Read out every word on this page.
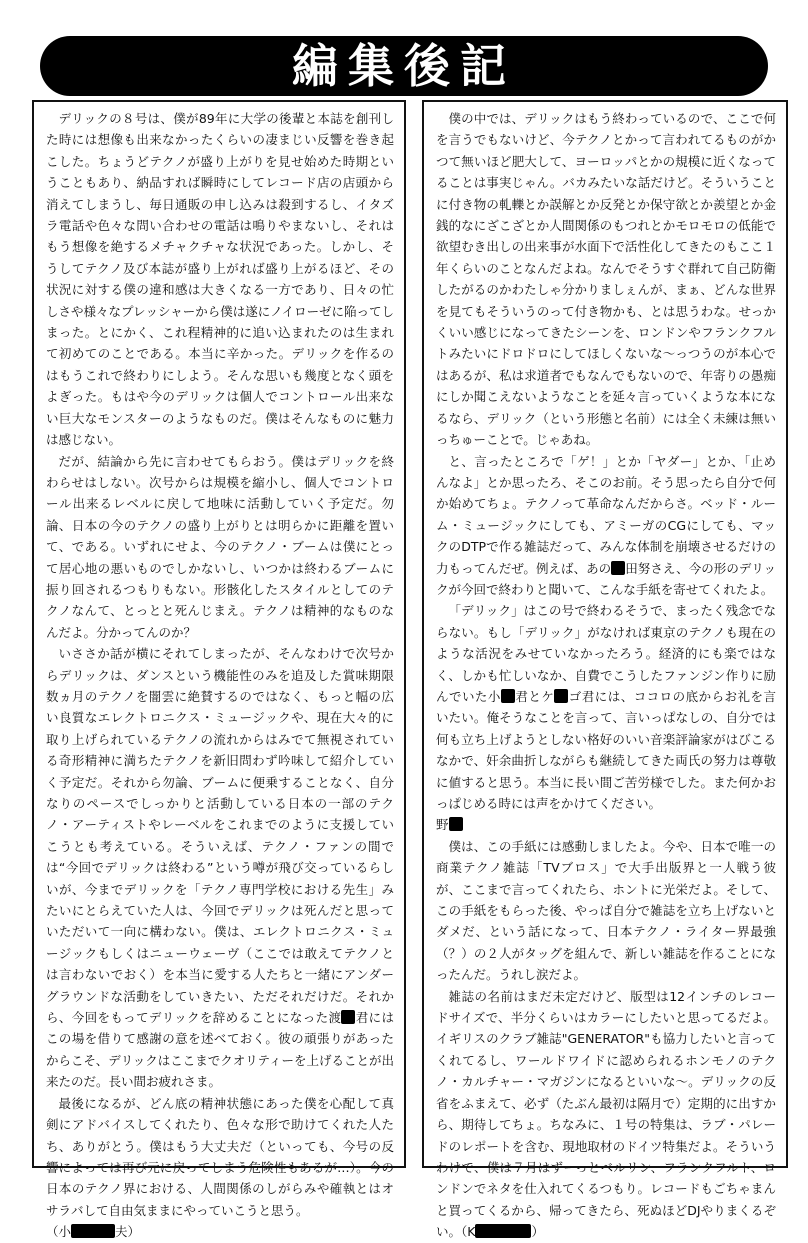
編集後記

デリックの８号は、僕が89年に大学の後輩と本誌を創刊した時には想像も出来なかったくらいの凄まじい反響を巻き起こした。ちょうどテクノが盛り上がりを見せ始めた時期ということもあり、納品すれば瞬時にしてレコード店の店頭から消えてしまうし、毎日通販の申し込みは殺到するし、イタズラ電話や色々な問い合わせの電話は鳴りやまないし、それはもう想像を絶するメチャクチャな状況であった。しかし、そうしてテクノ及び本誌が盛り上がれば盛り上がるほど、その状況に対する僕の違和感は大きくなる一方であり、日々の忙しさや様々なプレッシャーから僕は遂にノイローゼに陥ってしまった。とにかく、これ程精神的に追い込まれたのは生まれて初めてのことである。本当に辛かった。デリックを作るのはもうこれで終わりにしよう。そんな思いも幾度となく頭をよぎった。もはや今のデリックは個人でコントロール出来ない巨大なモンスターのようなものだ。僕はそんなものに魅力は感じない。

だが、結論から先に言わせてもらおう。僕はデリックを終わらせはしない。次号からは規模を縮小し、個人でコントロール出来るレベルに戻して地味に活動していく予定だ。勿論、日本の今のテクノの盛り上がりとは明らかに距離を置いて、である。いずれにせよ、今のテクノ・ブームは僕にとって居心地の悪いものでしかないし、いつかは終わるブームに振り回されるつもりもない。形骸化したスタイルとしてのテクノなんて、とっとと死んじまえ。テクノは精神的なものなんだよ。分かってんのか？

いささか話が横にそれてしまったが、そんなわけで次号からデリックは、ダンスという機能性のみを追及した賞味期限数ヵ月のテクノを闇雲に絶賛するのではなく、もっと幅の広い良質なエレクトロニクス・ミュージックや、現在大々的に取り上げられているテクノの流れからはみでて無視されている奇形精神に満ちたテクノを新旧問わず吟味して紹介していく予定だ。それから勿論、ブームに便乗することなく、自分なりのペースでしっかりと活動している日本の一部のテクノ・アーティストやレーベルをこれまでのように支援していこうとも考えている。そういえば、テクノ・ファンの間では“今回でデリックは終わる”という噂が飛び交っているらしいが、今までデリックを「テクノ専門学校における先生」みたいにとらえていた人は、今回でデリックは死んだと思っていただいて一向に構わない。僕は、エレクトロニクス・ミュージックもしくはニューウェーヴ（ここでは敢えてテクノとは言わないでおく）を本当に愛する人たちと一緒にアンダーグラウンドな活動をしていきたい、ただそれだけだ。それから、今回をもってデリックを辞めることになった渡 君にはこの場を借りて感謝の意を述べておく。彼の頑張りがあったからこそ、デリックはここまでクオリティーを上げることが出来たのだ。長い間お疲れさま。

最後になるが、どん底の精神状態にあった僕を心配して真剣にアドバイスしてくれたり、色々な形で助けてくれた人たち、ありがとう。僕はもう大丈夫だ（といっても、今号の反響によっては再び元に戻ってしまう危険性もあるが…）。今の日本のテクノ界における、人間関係のしがらみや確執とはオサラバして自由気ままにやっていこうと思う。
（小	夫）

僕の中では、デリックはもう終わっているので、ここで何を言うでもないけど、今テクノとかって言われてるものがかつて無いほど肥大して、ヨーロッパとかの規模に近くなってることは事実じゃん。バカみたいな話だけど。そういうことに付き物の軋轢とか誤解とか反発とか保守欲とか羨望とか金銭的なにざこざとか人間関係のもつれとかモロモロの低能で欲望むき出しの出来事が水面下で活性化してきたのもここ１年くらいのことなんだよね。なんでそうすぐ群れて自己防衛したがるのかわたしゃ分かりましぇんが、まぁ、どんな世界を見てもそういうのって付き物かも、とは思うわな。せっかくいい感じになってきたシーンを、ロンドンやフランクフルトみたいにドロドロにしてほしくないな〜っつうのが本心ではあるが、私は求道者でもなんでもないので、年寄りの愚痴にしか聞こえないようなことを延々言っていくような本になるなら、デリック（という形態と名前）には全く未練は無いっちゅーことで。じゃあね。

と、言ったところで「ゲ！」とか「ヤダー」とか、「止めんなよ」とか思ったろ、そこのお前。そう思ったら自分で何か始めてちょ。テクノって革命なんだからさ。ベッド・ルーム・ミュージックにしても、アミーガのCGにしても、マックのDTPで作る雑誌だって、みんな体制を崩壊させるだけの力もってんだぜ。例えば、あの 田努さえ、今の形のデリックが今回で終わりと聞いて、こんな手紙を寄せてくれたよ。

「デリック」はこの号で終わるそうで、まったく残念でならない。もし「デリック」がなければ東京のテクノも現在のような活況をみせていなかったろう。経済的にも楽ではなく、しかも忙しいなか、自費でこうしたファンジン作りに励んでいた小 君とケ ゴ君には、ココロの底からお礼を言いたい。俺そうなことを言って、言いっぱなしの、自分では何も立ち上げようとしない格好のいい音楽評論家がはびこるなかで、奸余曲折しながらも継続してきた両氏の努力は尊敬に値すると思う。本当に長い間ご苦労様でした。また何かおっぱじめる時には声をかけてください。

野

僕は、この手紙には感動しましたよ。今や、日本で唯一の商業テクノ雑誌「TVブロス」で大手出版界と一人戦う彼が、ここまで言ってくれたら、ホントに光栄だよ。そして、この手紙をもらった後、やっぱ自分で雑誌を立ち上げないとダメだ、という話になって、日本テクノ・ライター界最強（？）の２人がタッグを組んで、新しい雑誌を作ることになったんだ。うれし涙だよ。

雑誌の名前はまだ未定だけど、版型は12インチのレコードサイズで、半分くらいはカラーにしたいと思ってるだよ。イギリスのクラブ雑誌"GENERATOR"も協力したいと言ってくれてるし、ワールドワイドに認められるホンモノのテクノ・カルチャー・マガジンになるといいな〜。デリックの反省をふまえて、必ず（たぶん最初は隔月で）定期的に出すから、期待してちょ。ちなみに、１号の特集は、ラブ・パレードのレポートを含む、現地取材のドイツ特集だよ。そういうわけで、僕は７月はずーっとベルリン、フランクフルト、ロンドンでネタを仕入れてくるつもり。レコードもごちゃまんと買ってくるから、帰ってきたら、死ぬほどDJやりまくるぞい。（K	）
